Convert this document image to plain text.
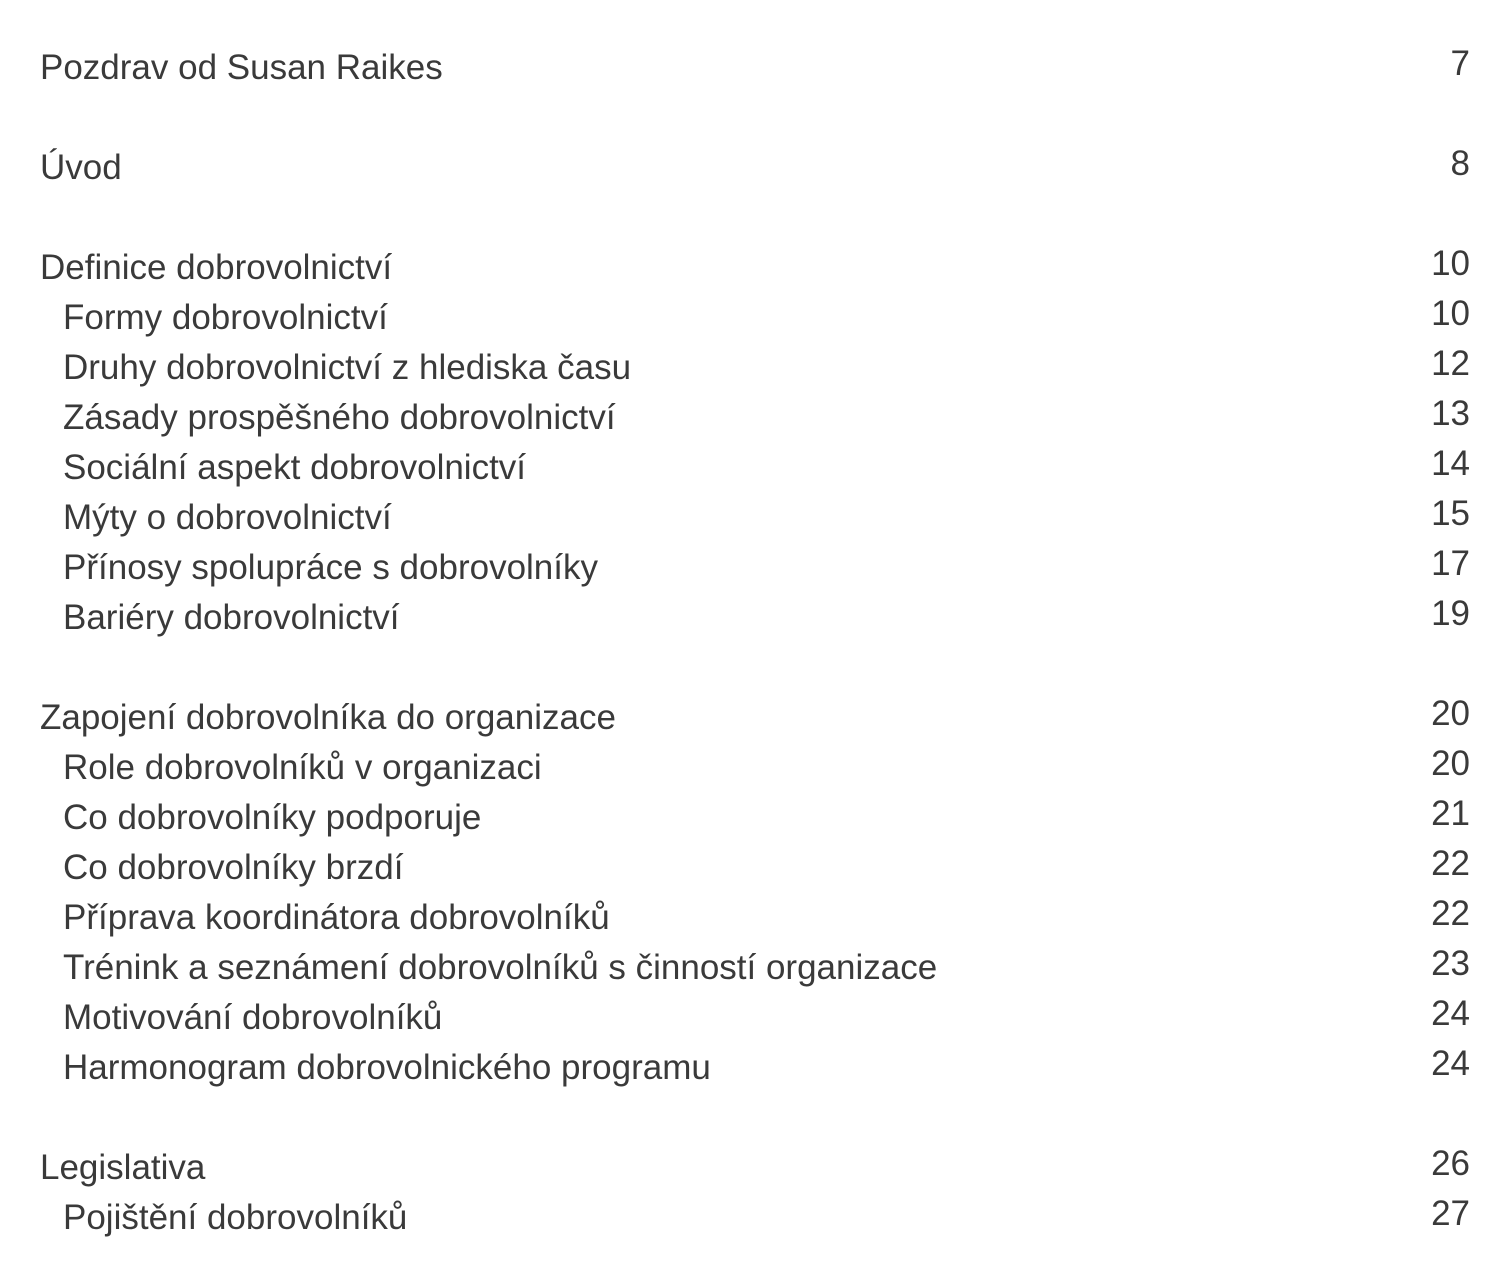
Pozdrav od Susan Raikes	7
Úvod	8
Definice dobrovolnictví	10
Formy dobrovolnictví	10
Druhy dobrovolnictví z hlediska času	12
Zásady prospěšného dobrovolnictví	13
Sociální aspekt dobrovolnictví	14
Mýty o dobrovolnictví	15
Přínosy spolupráce s dobrovolníky	17
Bariéry dobrovolnictví	19
Zapojení dobrovolníka do organizace	20
Role dobrovolníků v organizaci	20
Co dobrovolníky podporuje	21
Co dobrovolníky brzdí	22
Příprava koordinátora dobrovolníků	22
Trénink a seznámení dobrovolníků s činností organizace	23
Motivování dobrovolníků	24
Harmonogram dobrovolnického programu	24
Legislativa	26
Pojištění dobrovolníků	27
